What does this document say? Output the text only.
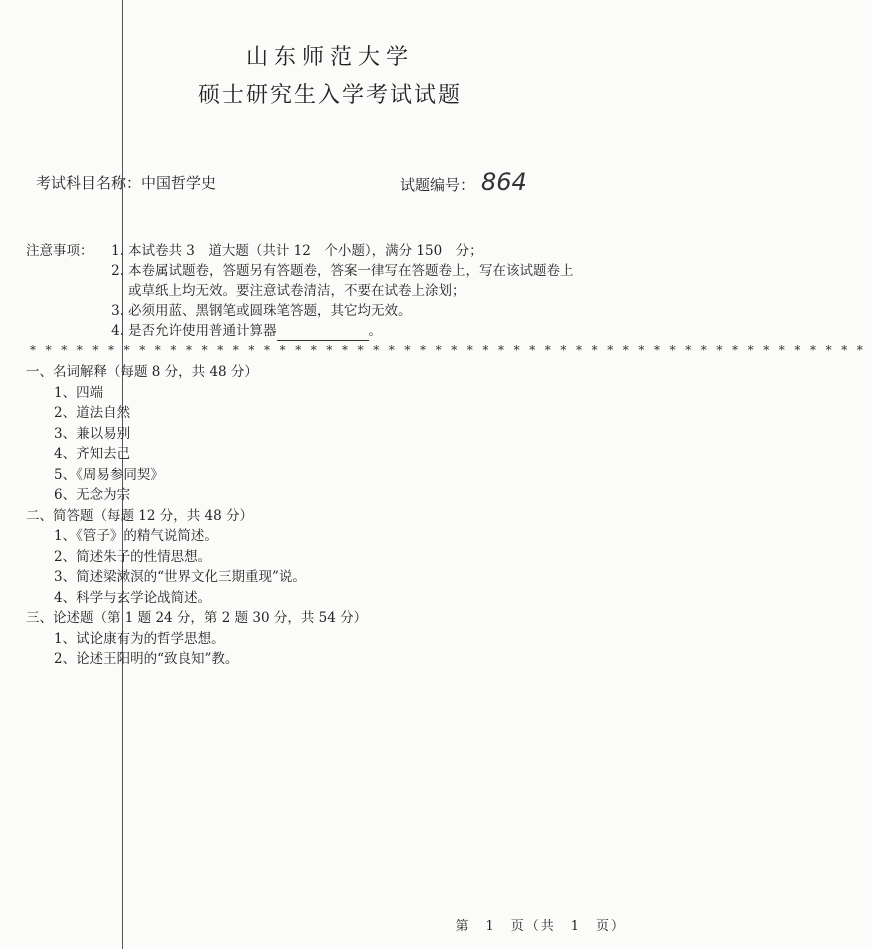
山东师范大学
硕士研究生入学考试试题
考试科目名称：中国哲学史	试题编号： 864
注意事项：	1. 本试卷共 3　道大题（共计 12　个小题），满分 150　分；
2. 本卷属试题卷，答题另有答题卷，答案一律写在答题卷上，写在该试题卷上
或草纸上均无效。要注意试卷清洁，不要在试卷上涂划；
3. 必须用蓝、黑钢笔或圆珠笔答题，其它均无效。
4. 是否允许使用普通计算器	。
******************************************************
一、名词解释（每题 8 分，共 48 分）
1、四端
2、道法自然
3、兼以易别
4、齐知去己
5、《周易参同契》
6、无念为宗
二、简答题（每题 12 分，共 48 分）
1、《管子》的精气说简述。
2、简述朱子的性情思想。
3、简述梁漱溟的“世界文化三期重现”说。
4、科学与玄学论战简述。
三、论述题（第 1 题 24 分，第 2 题 30 分，共 54 分）
1、试论康有为的哲学思想。
2、论述王阳明的“致良知”教。
第　1　页（共　1　页）
